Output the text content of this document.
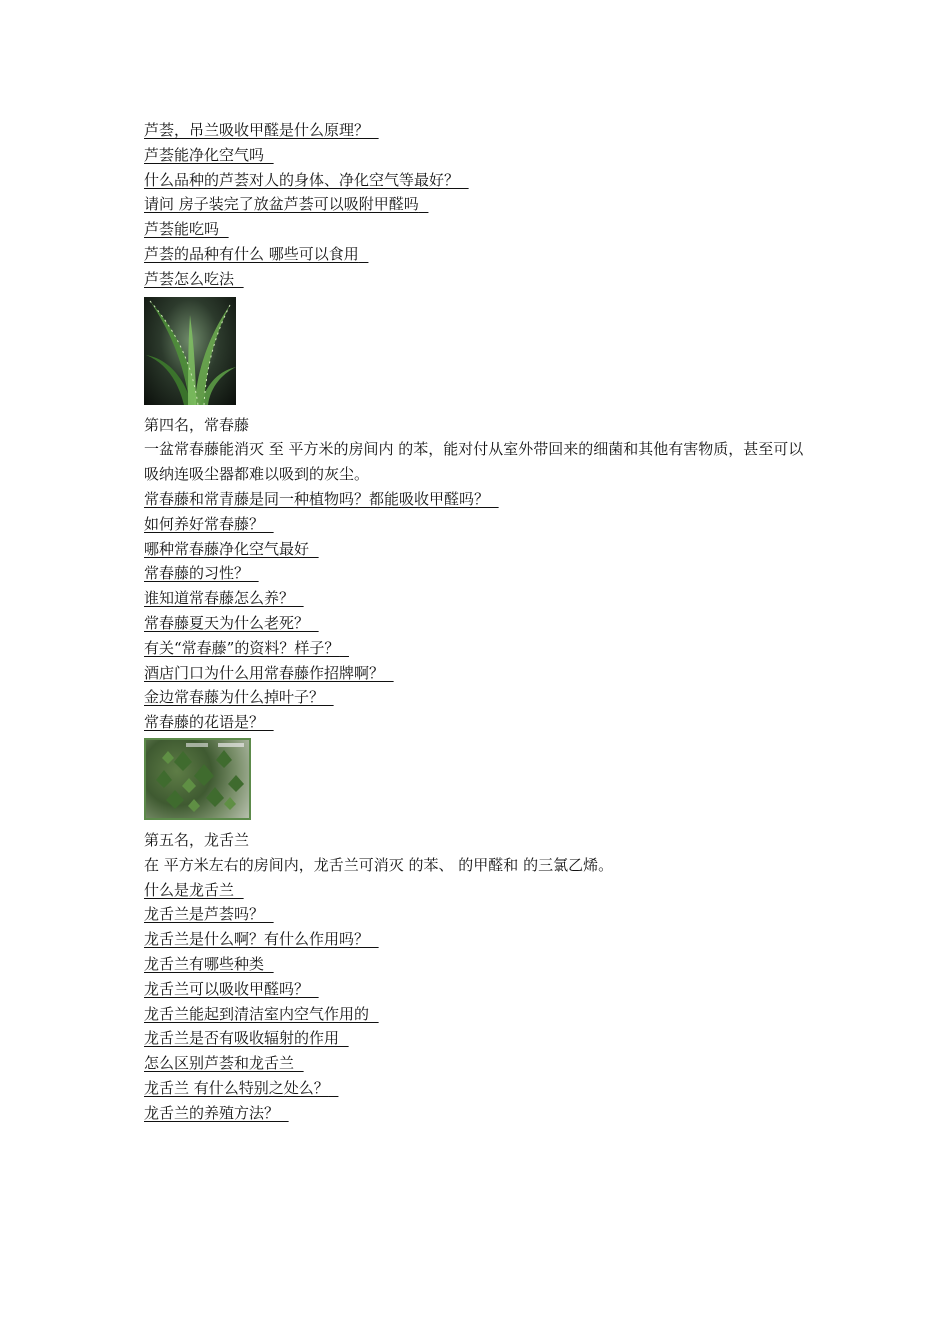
芦荟，吊兰吸收甲醛是什么原理？
芦荟能净化空气吗
什么品种的芦荟对人的身体、净化空气等最好？
请问 房子装完了放盆芦荟可以吸附甲醛吗
芦荟能吃吗
芦荟的品种有什么 哪些可以食用
芦荟怎么吃法
第四名，常春藤
一盆常春藤能消灭 至 平方米的房间内 的苯，能对付从室外带回来的细菌和其他有害物质，甚至可以吸纳连吸尘器都难以吸到的灰尘。
常春藤和常青藤是同一种植物吗？都能吸收甲醛吗？
如何养好常春藤？
哪种常春藤净化空气最好
常春藤的习性？
谁知道常春藤怎么养？
常春藤夏天为什么老死？
有关“常春藤”的资料？样子？
酒店门口为什么用常春藤作招牌啊？
金边常春藤为什么掉叶子？
常春藤的花语是？
第五名，龙舌兰
在 平方米左右的房间内，龙舌兰可消灭 的苯、 的甲醛和 的三氯乙烯。
什么是龙舌兰
龙舌兰是芦荟吗？
龙舌兰是什么啊？有什么作用吗？
龙舌兰有哪些种类
龙舌兰可以吸收甲醛吗？
龙舌兰能起到清洁室内空气作用的
龙舌兰是否有吸收辐射的作用
怎么区别芦荟和龙舌兰
龙舌兰 有什么特别之处么？
龙舌兰的养殖方法？
